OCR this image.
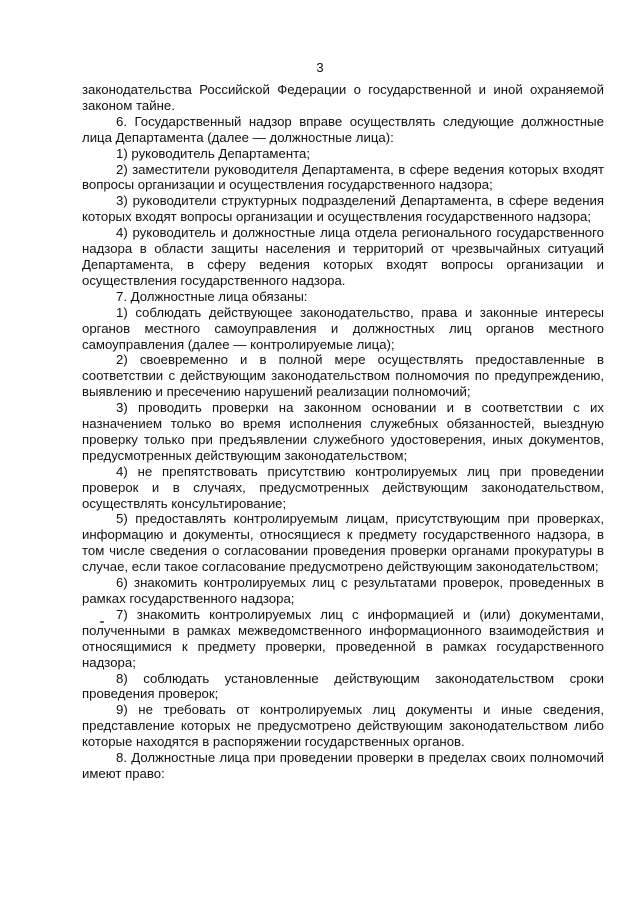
3

законодательства Российской Федерации о государственной и иной охраняемой законом тайне.

6. Государственный надзор вправе осуществлять следующие должностные лица Департамента (далее — должностные лица):

1) руководитель Департамента;

2) заместители руководителя Департамента, в сфере ведения которых входят вопросы организации и осуществления государственного надзора;

3) руководители структурных подразделений Департамента, в сфере ведения которых входят вопросы организации и осуществления государственного надзора;

4) руководитель и должностные лица отдела регионального государственного надзора в области защиты населения и территорий от чрезвычайных ситуаций Департамента, в сферу ведения которых входят вопросы организации и осуществления государственного надзора.

7. Должностные лица обязаны:

1) соблюдать действующее законодательство, права и законные интересы органов местного самоуправления и должностных лиц органов местного самоуправления (далее — контролируемые лица);

2) своевременно и в полной мере осуществлять предоставленные в соответствии с действующим законодательством полномочия по предупреждению, выявлению и пресечению нарушений реализации полномочий;

3) проводить проверки на законном основании и в соответствии с их назначением только во время исполнения служебных обязанностей, выездную проверку только при предъявлении служебного удостоверения, иных документов, предусмотренных действующим законодательством;

4) не препятствовать присутствию контролируемых лиц при проведении проверок и в случаях, предусмотренных действующим законодательством, осуществлять консультирование;

5) предоставлять контролируемым лицам, присутствующим при проверках, информацию и документы, относящиеся к предмету государственного надзора, в том числе сведения о согласовании проведения проверки органами прокуратуры в случае, если такое согласование предусмотрено действующим законодательством;

6) знакомить контролируемых лиц с результатами проверок, проведенных в рамках государственного надзора;

7) знакомить контролируемых лиц с информацией и (или) документами, полученными в рамках межведомственного информационного взаимодействия и относящимися к предмету проверки, проведенной в рамках государственного надзора;

8) соблюдать установленные действующим законодательством сроки проведения проверок;

9) не требовать от контролируемых лиц документы и иные сведения, представление которых не предусмотрено действующим законодательством либо которые находятся в распоряжении государственных органов.

8. Должностные лица при проведении проверки в пределах своих полномочий имеют право:
